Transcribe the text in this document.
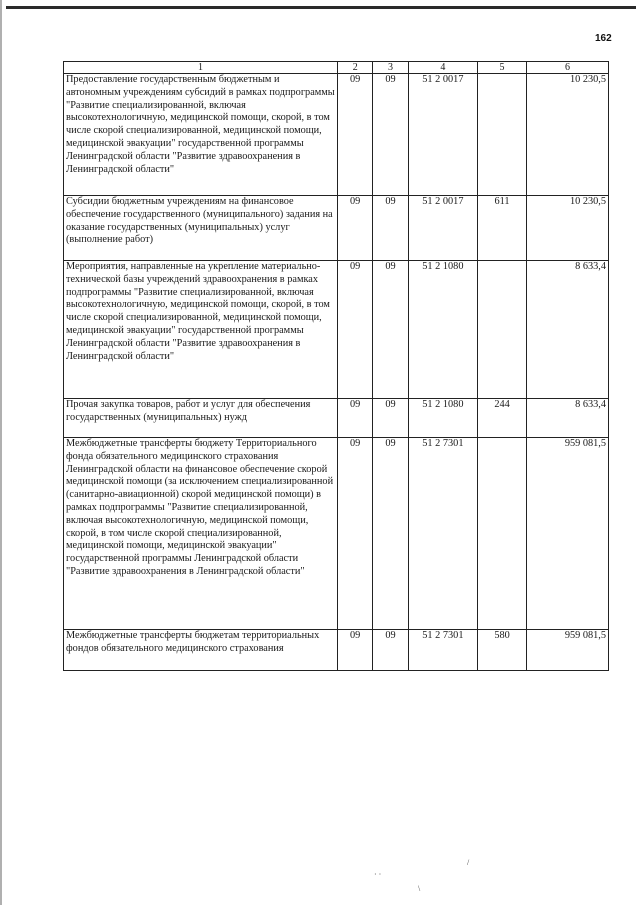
162
1	2	3	4	5	6
Предоставление государственным бюджетным и автономным учреждениям субсидий в рамках подпрограммы "Развитие специализированной, включая высокотехнологичную, медицинской помощи, скорой, в том числе скорой специализированной, медицинской помощи, медицинской эвакуации" государственной программы Ленинградской области "Развитие здравоохранения в Ленинградской области"	09	09	51 2 0017		10 230,5
Субсидии бюджетным учреждениям на финансовое обеспечение государственного (муниципального) задания на оказание государственных (муниципальных) услуг (выполнение работ)	09	09	51 2 0017	611	10 230,5
Мероприятия, направленные на укрепление материально-технической базы учреждений здравоохранения в рамках подпрограммы "Развитие специализированной, включая высокотехнологичную, медицинской помощи, скорой, в том числе скорой специализированной, медицинской помощи, медицинской эвакуации" государственной программы Ленинградской области "Развитие здравоохранения в Ленинградской области"	09	09	51 2 1080		8 633,4
Прочая закупка товаров, работ и услуг для обеспечения государственных (муниципальных) нужд	09	09	51 2 1080	244	8 633,4
Межбюджетные трансферты бюджету Территориального фонда обязательного медицинского страхования Ленинградской области на финансовое обеспечение скорой медицинской помощи (за исключением специализированной (санитарно-авиационной) скорой медицинской помощи) в рамках подпрограммы "Развитие специализированной, включая высокотехнологичную, медицинской помощи, скорой, в том числе скорой специализированной, медицинской помощи, медицинской эвакуации" государственной программы Ленинградской области "Развитие здравоохранения в Ленинградской области"	09	09	51 2 7301		959 081,5
Межбюджетные трансферты бюджетам территориальных фондов обязательного медицинского страхования	09	09	51 2 7301	580	959 081,5
/
· ·
\
